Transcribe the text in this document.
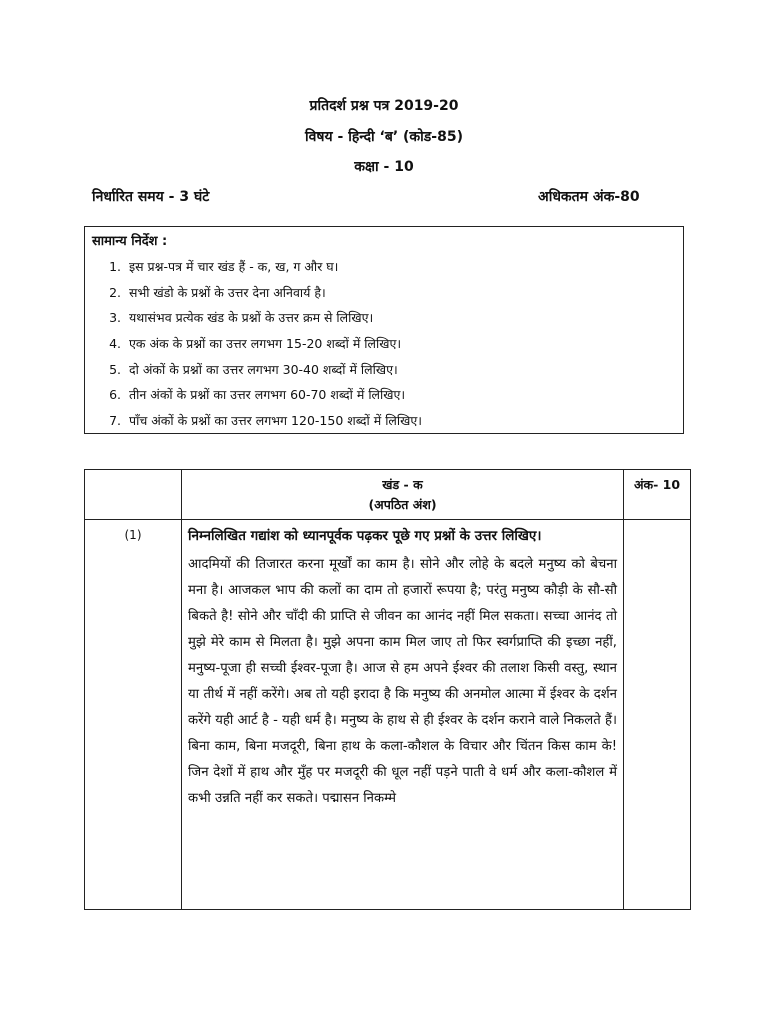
प्रतिदर्श प्रश्न पत्र 2019-20
विषय - हिन्दी ‘ब’ (कोड-85)
कक्षा - 10
निर्धारित समय - 3 घंटे	अधिकतम अंक-80
सामान्य निर्देश :
1. इस प्रश्न-पत्र में चार खंड हैं - क, ख, ग और घ।
2. सभी खंडो के प्रश्नों के उत्तर देना अनिवार्य है।
3. यथासंभव प्रत्येक खंड के प्रश्नों के उत्तर क्रम से लिखिए।
4. एक अंक के प्रश्नों का उत्तर लगभग 15-20 शब्दों में लिखिए।
5. दो अंकों के प्रश्नों का उत्तर लगभग 30-40 शब्दों में लिखिए।
6. तीन अंकों के प्रश्नों का उत्तर लगभग 60-70 शब्दों में लिखिए।
7. पाँच अंकों के प्रश्नों का उत्तर लगभग 120-150 शब्दों में लिखिए।

	खंड - क
(अपठित अंश)	अंक- 10
(1)	निम्नलिखित गद्यांश को ध्यानपूर्वक पढ़कर पूछे गए प्रश्नों के उत्तर लिखिए।

आदमियों की तिजारत करना मूर्खों का काम है। सोने और लोहे के बदले मनुष्य को बेचना मना है। आजकल भाप की कलों का दाम तो हजारों रूपया है; परंतु मनुष्य कौड़ी के सौ-सौ बिकते है! सोने और चाँदी की प्राप्ति से जीवन का आनंद नहीं मिल सकता। सच्चा आनंद तो मुझे मेरे काम से मिलता है। मुझे अपना काम मिल जाए तो फिर स्वर्गप्राप्ति की इच्छा नहीं, मनुष्य-पूजा ही सच्ची ईश्वर-पूजा है। आज से हम अपने ईश्वर की तलाश किसी वस्तु, स्थान या तीर्थ में नहीं करेंगे। अब तो यही इरादा है कि मनुष्य की अनमोल आत्मा में ईश्वर के दर्शन करेंगे यही आर्ट है - यही धर्म है। मनुष्य के हाथ से ही ईश्वर के दर्शन कराने वाले निकलते हैं। बिना काम, बिना मजदूरी, बिना हाथ के कला-कौशल के विचार और चिंतन किस काम के! जिन देशों में हाथ और मुँह पर मजदूरी की धूल नहीं पड़ने पाती वे धर्म और कला-कौशल में कभी उन्नति नहीं कर सकते। पद्मासन निकम्मे	
